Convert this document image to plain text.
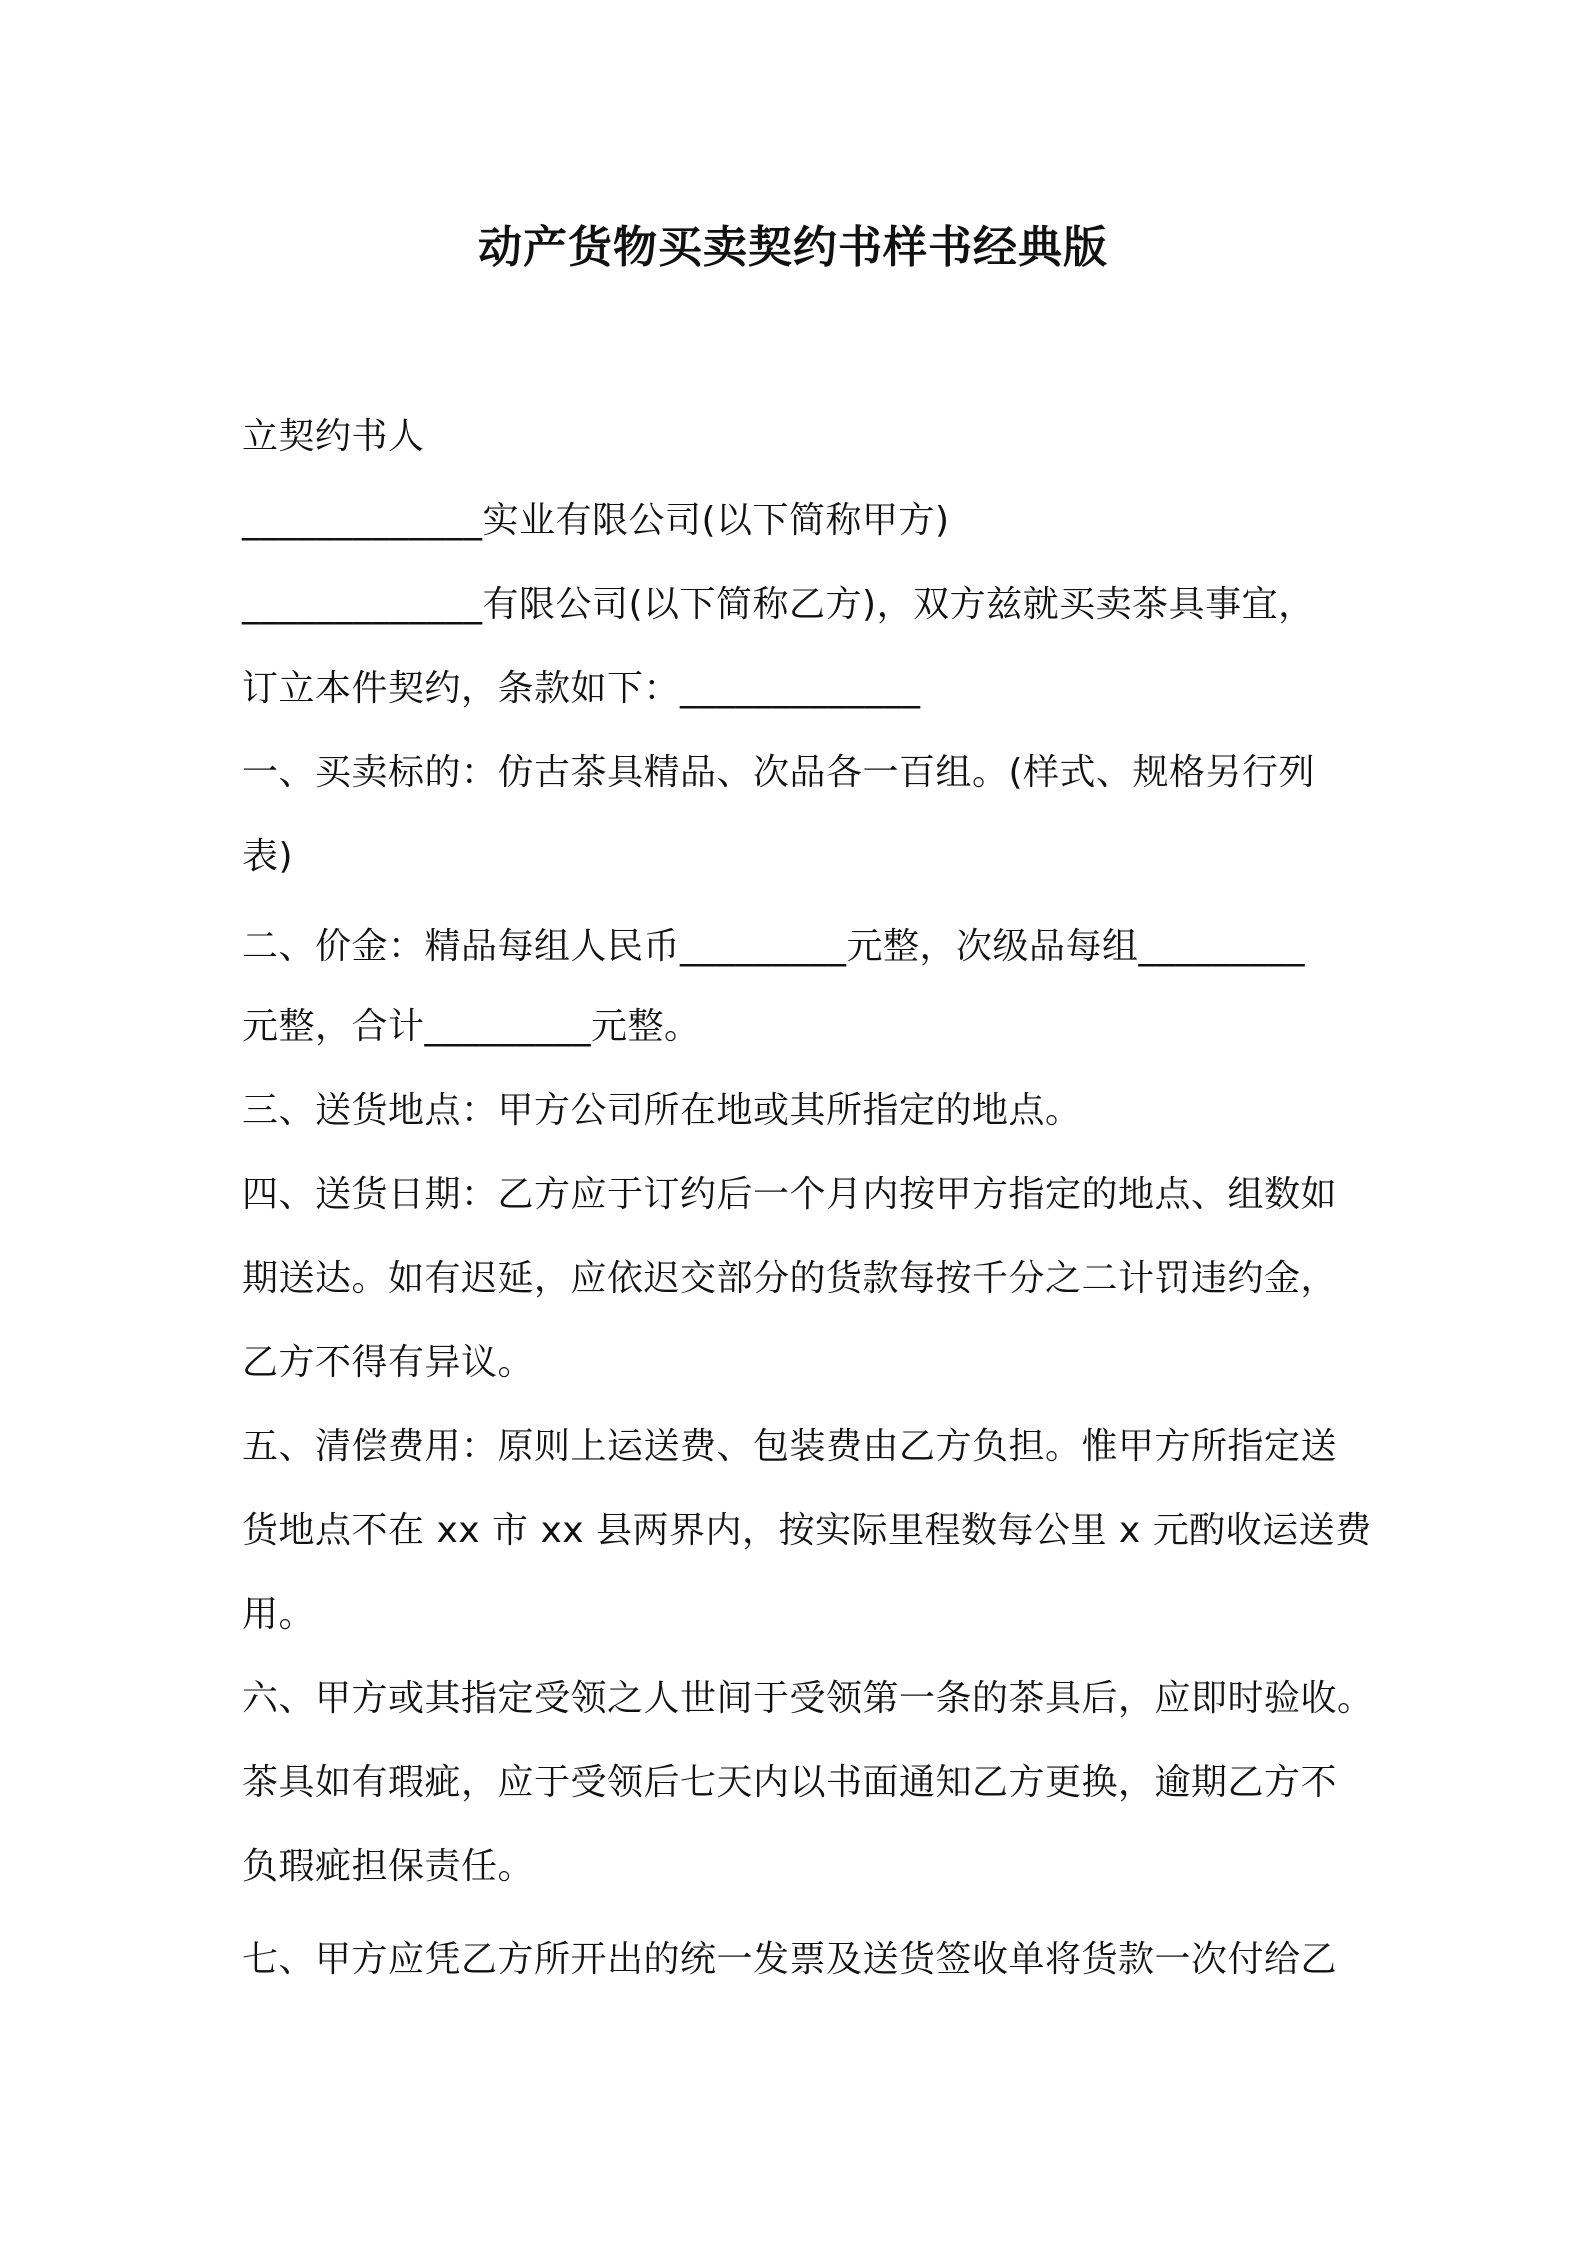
动产货物买卖契约书样书经典版
立契约书人
_____________实业有限公司(以下简称甲方)
_____________有限公司(以下简称乙方)，双方兹就买卖茶具事宜，
订立本件契约，条款如下：_____________
一、买卖标的：仿古茶具精品、次品各一百组。(样式、规格另行列
表)
二、价金：精品每组人民币_________元整，次级品每组_________
元整，合计_________元整。
三、送货地点：甲方公司所在地或其所指定的地点。
四、送货日期：乙方应于订约后一个月内按甲方指定的地点、组数如
期送达。如有迟延，应依迟交部分的货款每按千分之二计罚违约金，
乙方不得有异议。
五、清偿费用：原则上运送费、包装费由乙方负担。惟甲方所指定送
货地点不在 xx 市 xx 县两界内，按实际里程数每公里 x 元酌收运送费
用。
六、甲方或其指定受领之人世间于受领第一条的茶具后，应即时验收。
茶具如有瑕疵，应于受领后七天内以书面通知乙方更换，逾期乙方不
负瑕疵担保责任。
七、甲方应凭乙方所开出的统一发票及送货签收单将货款一次付给乙
